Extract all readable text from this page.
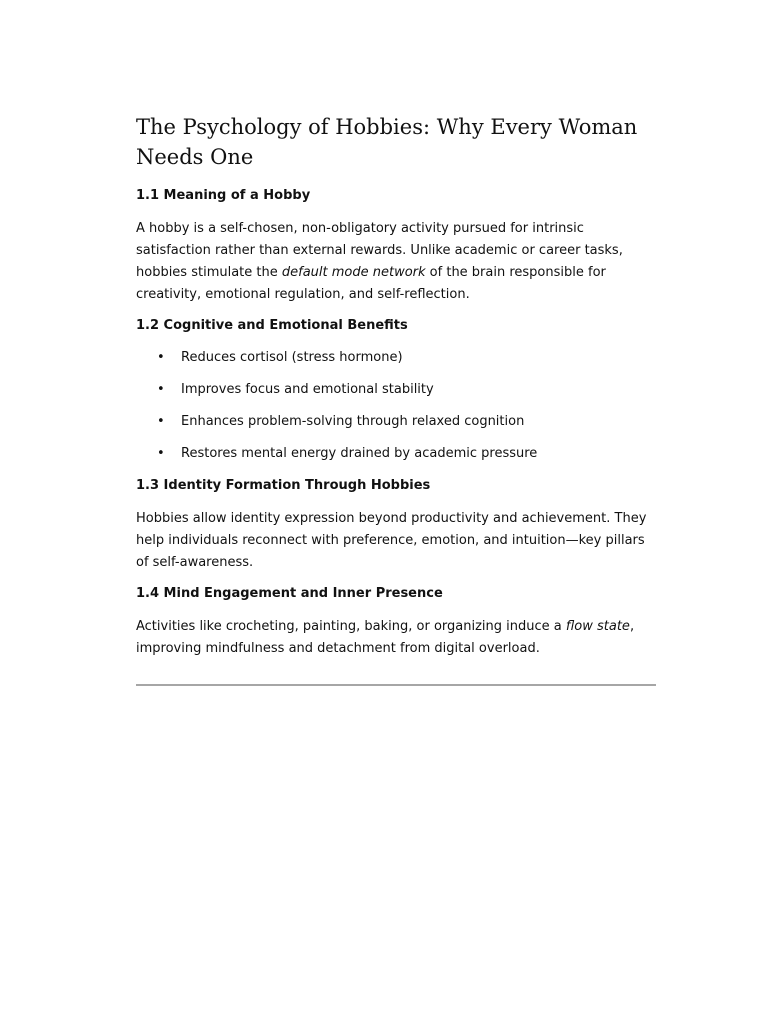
The Psychology of Hobbies: Why Every Woman Needs One
1.1 Meaning of a Hobby

A hobby is a self-chosen, non-obligatory activity pursued for intrinsic satisfaction rather than external rewards. Unlike academic or career tasks, hobbies stimulate the default mode network of the brain responsible for creativity, emotional regulation, and self-reflection.

1.2 Cognitive and Emotional Benefits
• Reduces cortisol (stress hormone)
• Improves focus and emotional stability
• Enhances problem-solving through relaxed cognition
• Restores mental energy drained by academic pressure
1.3 Identity Formation Through Hobbies

Hobbies allow identity expression beyond productivity and achievement. They help individuals reconnect with preference, emotion, and intuition—key pillars of self-awareness.

1.4 Mind Engagement and Inner Presence

Activities like crocheting, painting, baking, or organizing induce a flow state, improving mindfulness and detachment from digital overload.
